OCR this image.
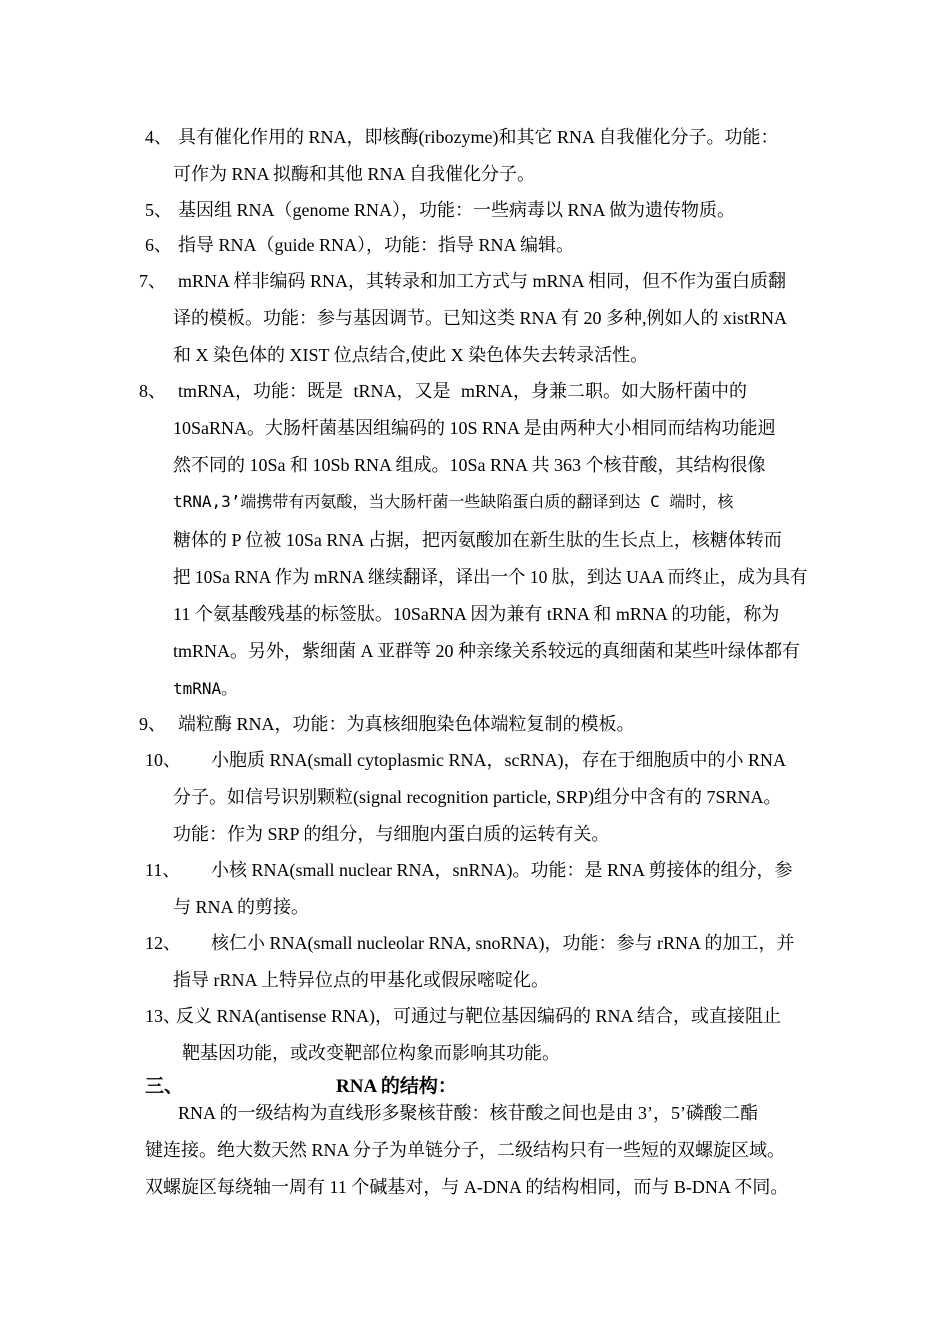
4、 具有催化作用的 RNA，即核酶(ribozyme)和其它 RNA 自我催化分子。功能：
可作为 RNA 拟酶和其他 RNA 自我催化分子。
5、 基因组 RNA（genome RNA），功能：一些病毒以 RNA 做为遗传物质。
6、 指导 RNA（guide RNA），功能：指导 RNA 编辑。
7、 mRNA 样非编码 RNA，其转录和加工方式与 mRNA 相同，但不作为蛋白质翻
译的模板。功能：参与基因调节。已知这类 RNA 有 20 多种,例如人的 xistRNA
和 X 染色体的 XIST 位点结合,使此 X 染色体失去转录活性。
8、 tmRNA，功能：既是 tRNA，又是 mRNA，身兼二职。如大肠杆菌中的
10SaRNA。大肠杆菌基因组编码的 10S RNA 是由两种大小相同而结构功能迥
然不同的 10Sa 和 10Sb RNA 组成。10Sa RNA 共 363 个核苷酸，其结构很像
tRNA,3’端携带有丙氨酸，当大肠杆菌一些缺陷蛋白质的翻译到达 C 端时，核
糖体的 P 位被 10Sa RNA 占据，把丙氨酸加在新生肽的生长点上，核糖体转而
把 10Sa RNA 作为 mRNA 继续翻译，译出一个 10 肽，到达 UAA 而终止，成为具有
11 个氨基酸残基的标签肽。10SaRNA 因为兼有 tRNA 和 mRNA 的功能，称为
tmRNA。另外，紫细菌 A 亚群等 20 种亲缘关系较远的真细菌和某些叶绿体都有
tmRNA。
9、 端粒酶 RNA，功能：为真核细胞染色体端粒复制的模板。
10、 小胞质 RNA(small cytoplasmic RNA，scRNA)，存在于细胞质中的小 RNA
分子。如信号识别颗粒(signal recognition particle, SRP)组分中含有的 7SRNA。
功能：作为 SRP 的组分，与细胞内蛋白质的运转有关。
11、 小核 RNA(small nuclear RNA，snRNA)。功能：是 RNA 剪接体的组分，参
与 RNA 的剪接。
12、 核仁小 RNA(small nucleolar RNA, snoRNA)，功能：参与 rRNA 的加工，并
指导 rRNA 上特异位点的甲基化或假尿嘧啶化。
13、
反义 RNA(antisense RNA)，可通过与靶位基因编码的 RNA 结合，或直接阻止
靶基因功能，或改变靶部位构象而影响其功能。
三、	RNA 的结构：
RNA 的一级结构为直线形多聚核苷酸：核苷酸之间也是由 3’，5’磷酸二酯
键连接。绝大数天然 RNA 分子为单链分子，二级结构只有一些短的双螺旋区域。
双螺旋区每绕轴一周有 11 个碱基对，与 A-DNA 的结构相同，而与 B-DNA 不同。
